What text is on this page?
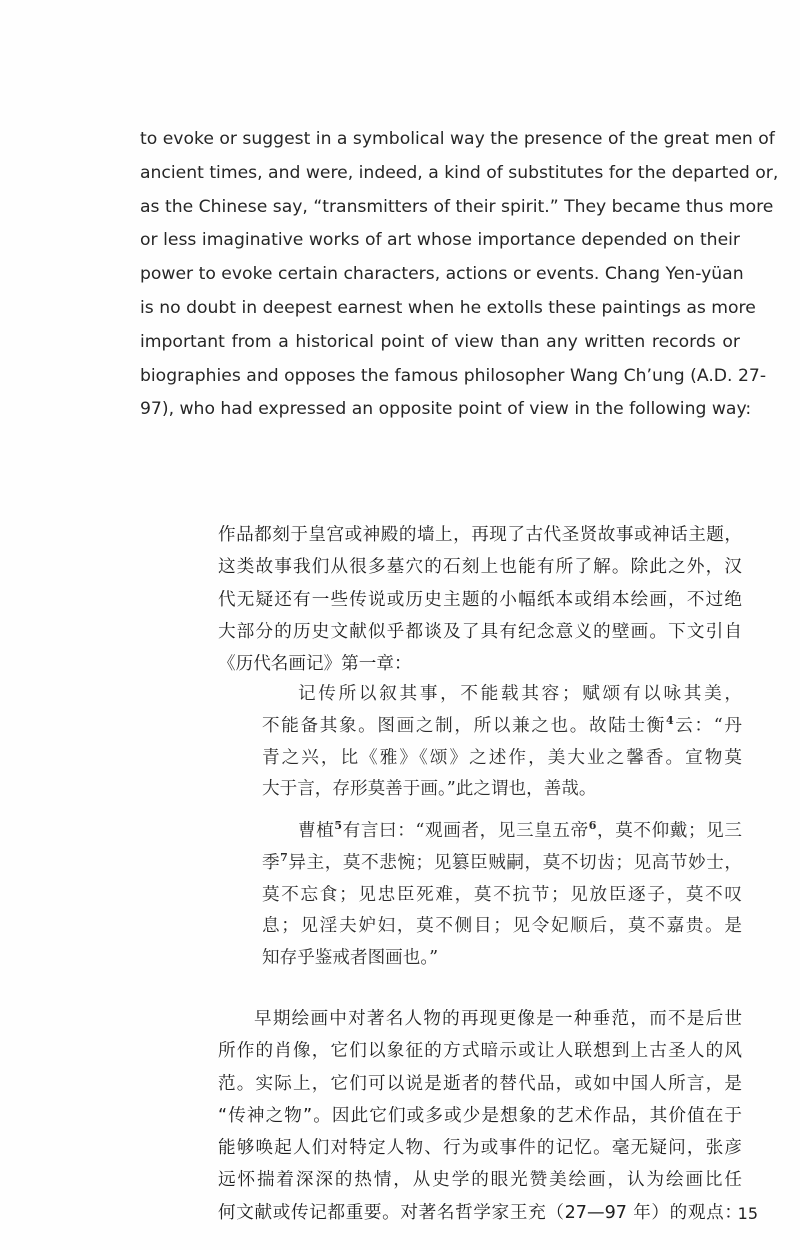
to evoke or suggest in a symbolical way the presence of the great men of
ancient times, and were, indeed, a kind of substitutes for the departed or,
as the Chinese say, “transmitters of their spirit.” They became thus more
or less imaginative works of art whose importance depended on their
power to evoke certain characters, actions or events. Chang Yen-yüan
is no doubt in deepest earnest when he extolls these paintings as more
important from a historical point of view than any written records or
biographies and opposes the famous philosopher Wang Ch’ung (A.D. 27-
97), who had expressed an opposite point of view in the following way:
作品都刻于皇宫或神殿的墙上，再现了古代圣贤故事或神话主题，
这类故事我们从很多墓穴的石刻上也能有所了解。除此之外，汉
代无疑还有一些传说或历史主题的小幅纸本或绢本绘画，不过绝
大部分的历史文献似乎都谈及了具有纪念意义的壁画。下文引自
《历代名画记》第一章：
记传所以叙其事，不能载其容；赋颂有以咏其美，
不能备其象。图画之制，所以兼之也。故陆士衡$^4$云：“丹
青之兴，比《雅》《颂》之述作，美大业之馨香。宣物莫
大于言，存形莫善于画。”此之谓也，善哉。
曹植$^5$有言曰：“观画者，见三皇五帝$^6$，莫不仰戴；见三
季$^7$异主，莫不悲惋；见篡臣贼嗣，莫不切齿；见高节妙士，
莫不忘食；见忠臣死难，莫不抗节；见放臣逐子，莫不叹
息；见淫夫妒妇，莫不侧目；见令妃顺后，莫不嘉贵。是
知存乎鉴戒者图画也。”
早期绘画中对著名人物的再现更像是一种垂范，而不是后世
所作的肖像，它们以象征的方式暗示或让人联想到上古圣人的风
范。实际上，它们可以说是逝者的替代品，或如中国人所言，是
“传神之物”。因此它们或多或少是想象的艺术作品，其价值在于
能够唤起人们对特定人物、行为或事件的记忆。毫无疑问，张彦
远怀揣着深深的热情，从史学的眼光赞美绘画，认为绘画比任
何文献或传记都重要。对著名哲学家王充（27—97 年）的观点：
15
